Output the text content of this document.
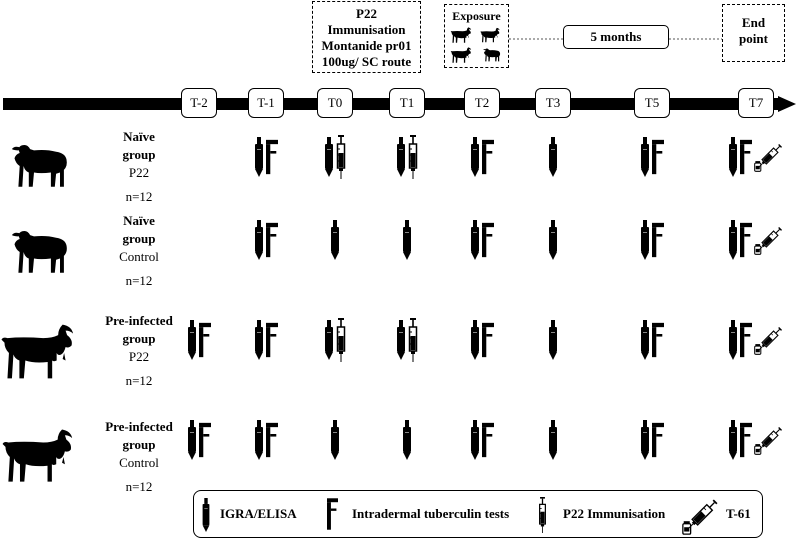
P22
Immunisation
Montanide pr01
100ug/ SC route
Exposure
5 months
End
point
T-2	T-1	T0	T1	T2	T3	T5	T7
Naïve
group
P22
n=12
Naïve
group
Control
n=12
Pre-infected
group
P22
n=12
Pre-infected
group
Control
n=12
IGRA/ELISA	Intradermal tuberculin tests	P22 Immunisation	T-61
